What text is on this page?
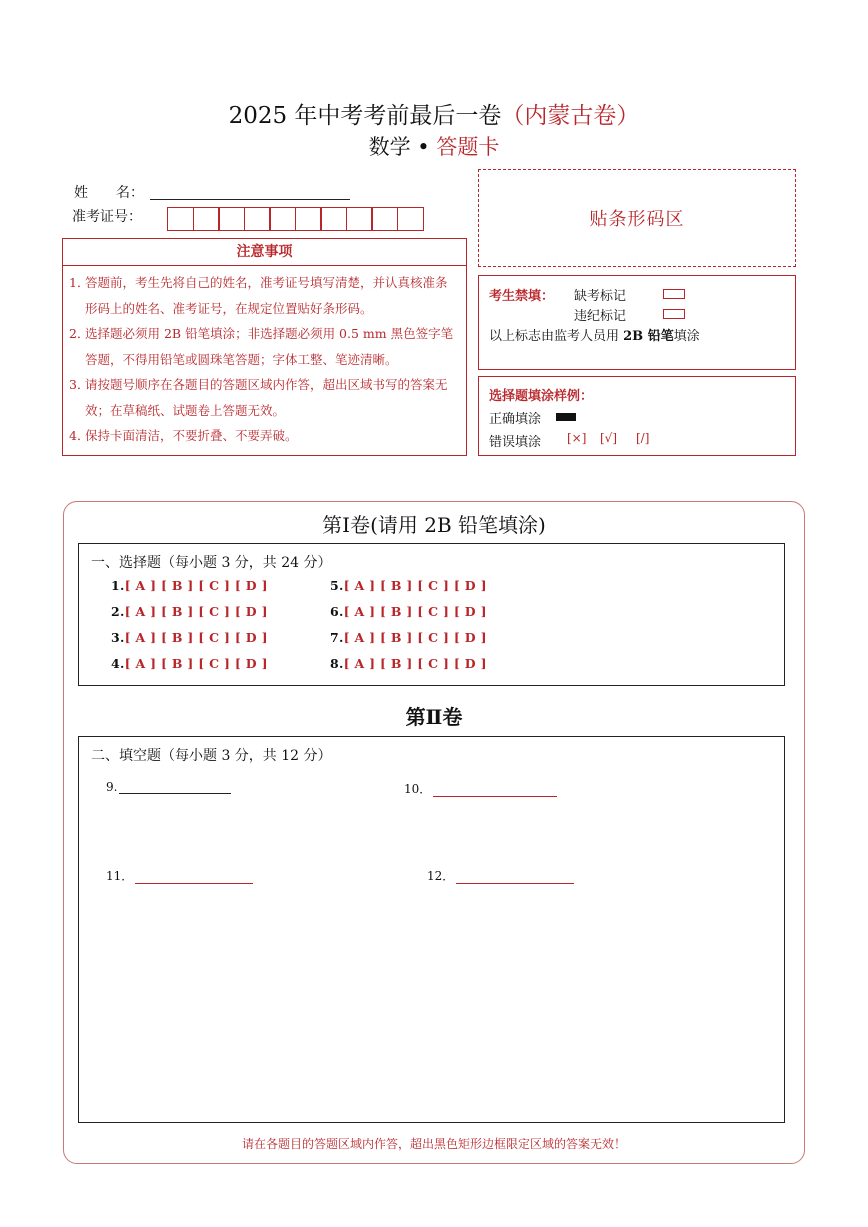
2025 年中考考前最后一卷（内蒙古卷）
数学 • 答题卡
姓　　名：
准考证号：	贴条形码区
注意事项
1．
答题前，考生先将自己的姓名，准考证号填写清楚，并认真核准条形码上的姓名、准考证号，在规定位置贴好条形码。
2．
选择题必须用 2B 铅笔填涂；非选择题必须用 0.5 mm 黑色签字笔答题，不得用铅笔或圆珠笔答题；字体工整、笔迹清晰。
3．
请按题号顺序在各题目的答题区域内作答，超出区域书写的答案无效；在草稿纸、试题卷上答题无效。
4．
保持卡面清洁，不要折叠、不要弄破。
考生禁填： 缺考标记
违纪标记
以上标志由监考人员用 2B 铅笔填涂
选择题填涂样例：
正确填涂
错误填涂 [×] [√] [/]
第Ⅰ卷(请用 2B 铅笔填涂)
一、选择题（每小题 3 分，共 24 分）
1.[ A ] [ B ] [ C ] [ D ]
2.[ A ] [ B ] [ C ] [ D ]
3.[ A ] [ B ] [ C ] [ D ]
4.[ A ] [ B ] [ C ] [ D ]
5.[ A ] [ B ] [ C ] [ D ]
6.[ A ] [ B ] [ C ] [ D ]
7.[ A ] [ B ] [ C ] [ D ]
8.[ A ] [ B ] [ C ] [ D ]
第Ⅱ卷
二、填空题（每小题 3 分，共 12 分）
9.	10．
11．	12．
请在各题目的答题区域内作答，超出黑色矩形边框限定区域的答案无效！
